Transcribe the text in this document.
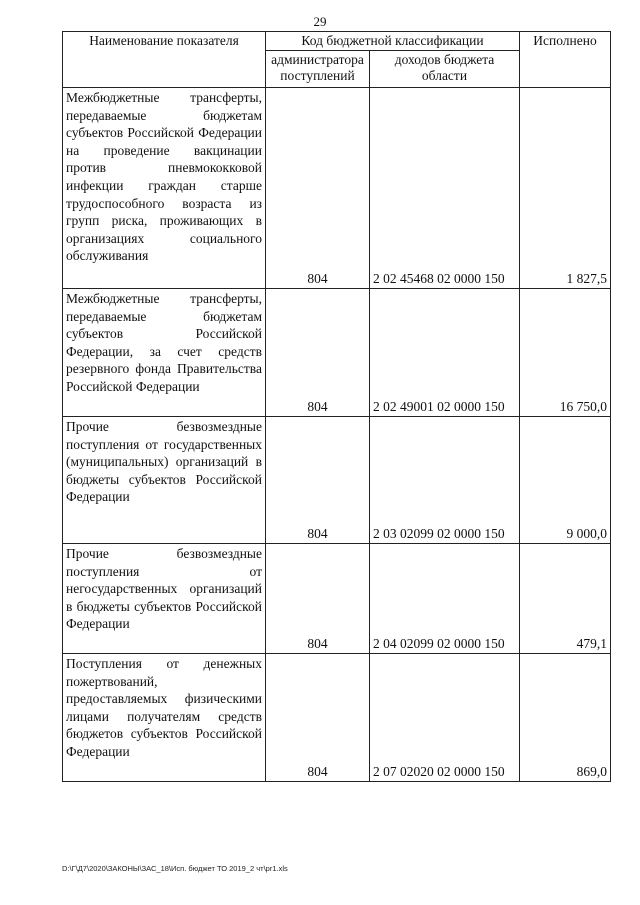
29
Наименование показателя	Код бюджетной классификации		Исполнено
	администратора поступлений	доходов бюджета области	
Межбюджетные трансферты, передаваемые бюджетам субъектов Российской Федерации на проведение вакцинации против пневмококковой инфекции граждан старше трудоспособного возраста из групп риска, проживающих в организациях социального обслуживания	804	2 02 45468 02 0000 150	1 827,5
Межбюджетные трансферты, передаваемые бюджетам субъектов Российской Федерации, за счет средств резервного фонда Правительства Российской Федерации	804	2 02 49001 02 0000 150	16 750,0
Прочие безвозмездные поступления от государственных (муниципальных) организаций в бюджеты субъектов Российской Федерации	804	2 03 02099 02 0000 150	9 000,0
Прочие безвозмездные поступления от негосударственных организаций в бюджеты субъектов Российской Федерации	804	2 04 02099 02 0000 150	479,1
Поступления от денежных пожертвований, предоставляемых физическими лицами получателям средств бюджетов субъектов Российской Федерации	804	2 07 02020 02 0000 150	869,0
D:\Г\Д7\2020\ЗАКОНЫ\ЗАС_18\Исп. бюджет ТО 2019_2 чт\pr1.xls
